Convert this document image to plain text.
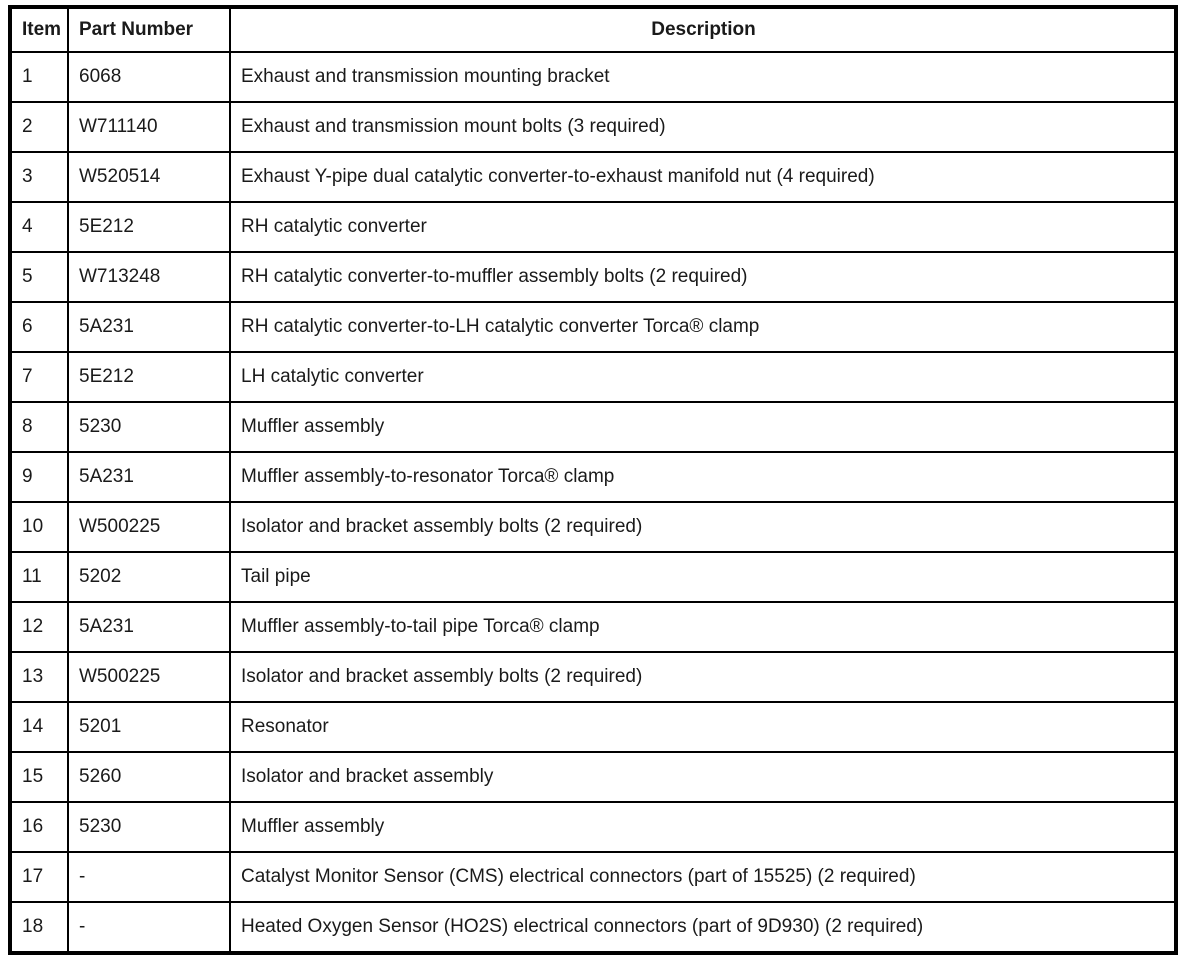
Item	Part Number	Description
1	6068	Exhaust and transmission mounting bracket
2	W711140	Exhaust and transmission mount bolts (3 required)
3	W520514	Exhaust Y-pipe dual catalytic converter-to-exhaust manifold nut (4 required)
4	5E212	RH catalytic converter
5	W713248	RH catalytic converter-to-muffler assembly bolts (2 required)
6	5A231	RH catalytic converter-to-LH catalytic converter Torca® clamp
7	5E212	LH catalytic converter
8	5230	Muffler assembly
9	5A231	Muffler assembly-to-resonator Torca® clamp
10	W500225	Isolator and bracket assembly bolts (2 required)
11	5202	Tail pipe
12	5A231	Muffler assembly-to-tail pipe Torca® clamp
13	W500225	Isolator and bracket assembly bolts (2 required)
14	5201	Resonator
15	5260	Isolator and bracket assembly
16	5230	Muffler assembly
17	-	Catalyst Monitor Sensor (CMS) electrical connectors (part of 15525) (2 required)
18	-	Heated Oxygen Sensor (HO2S) electrical connectors (part of 9D930) (2 required)
